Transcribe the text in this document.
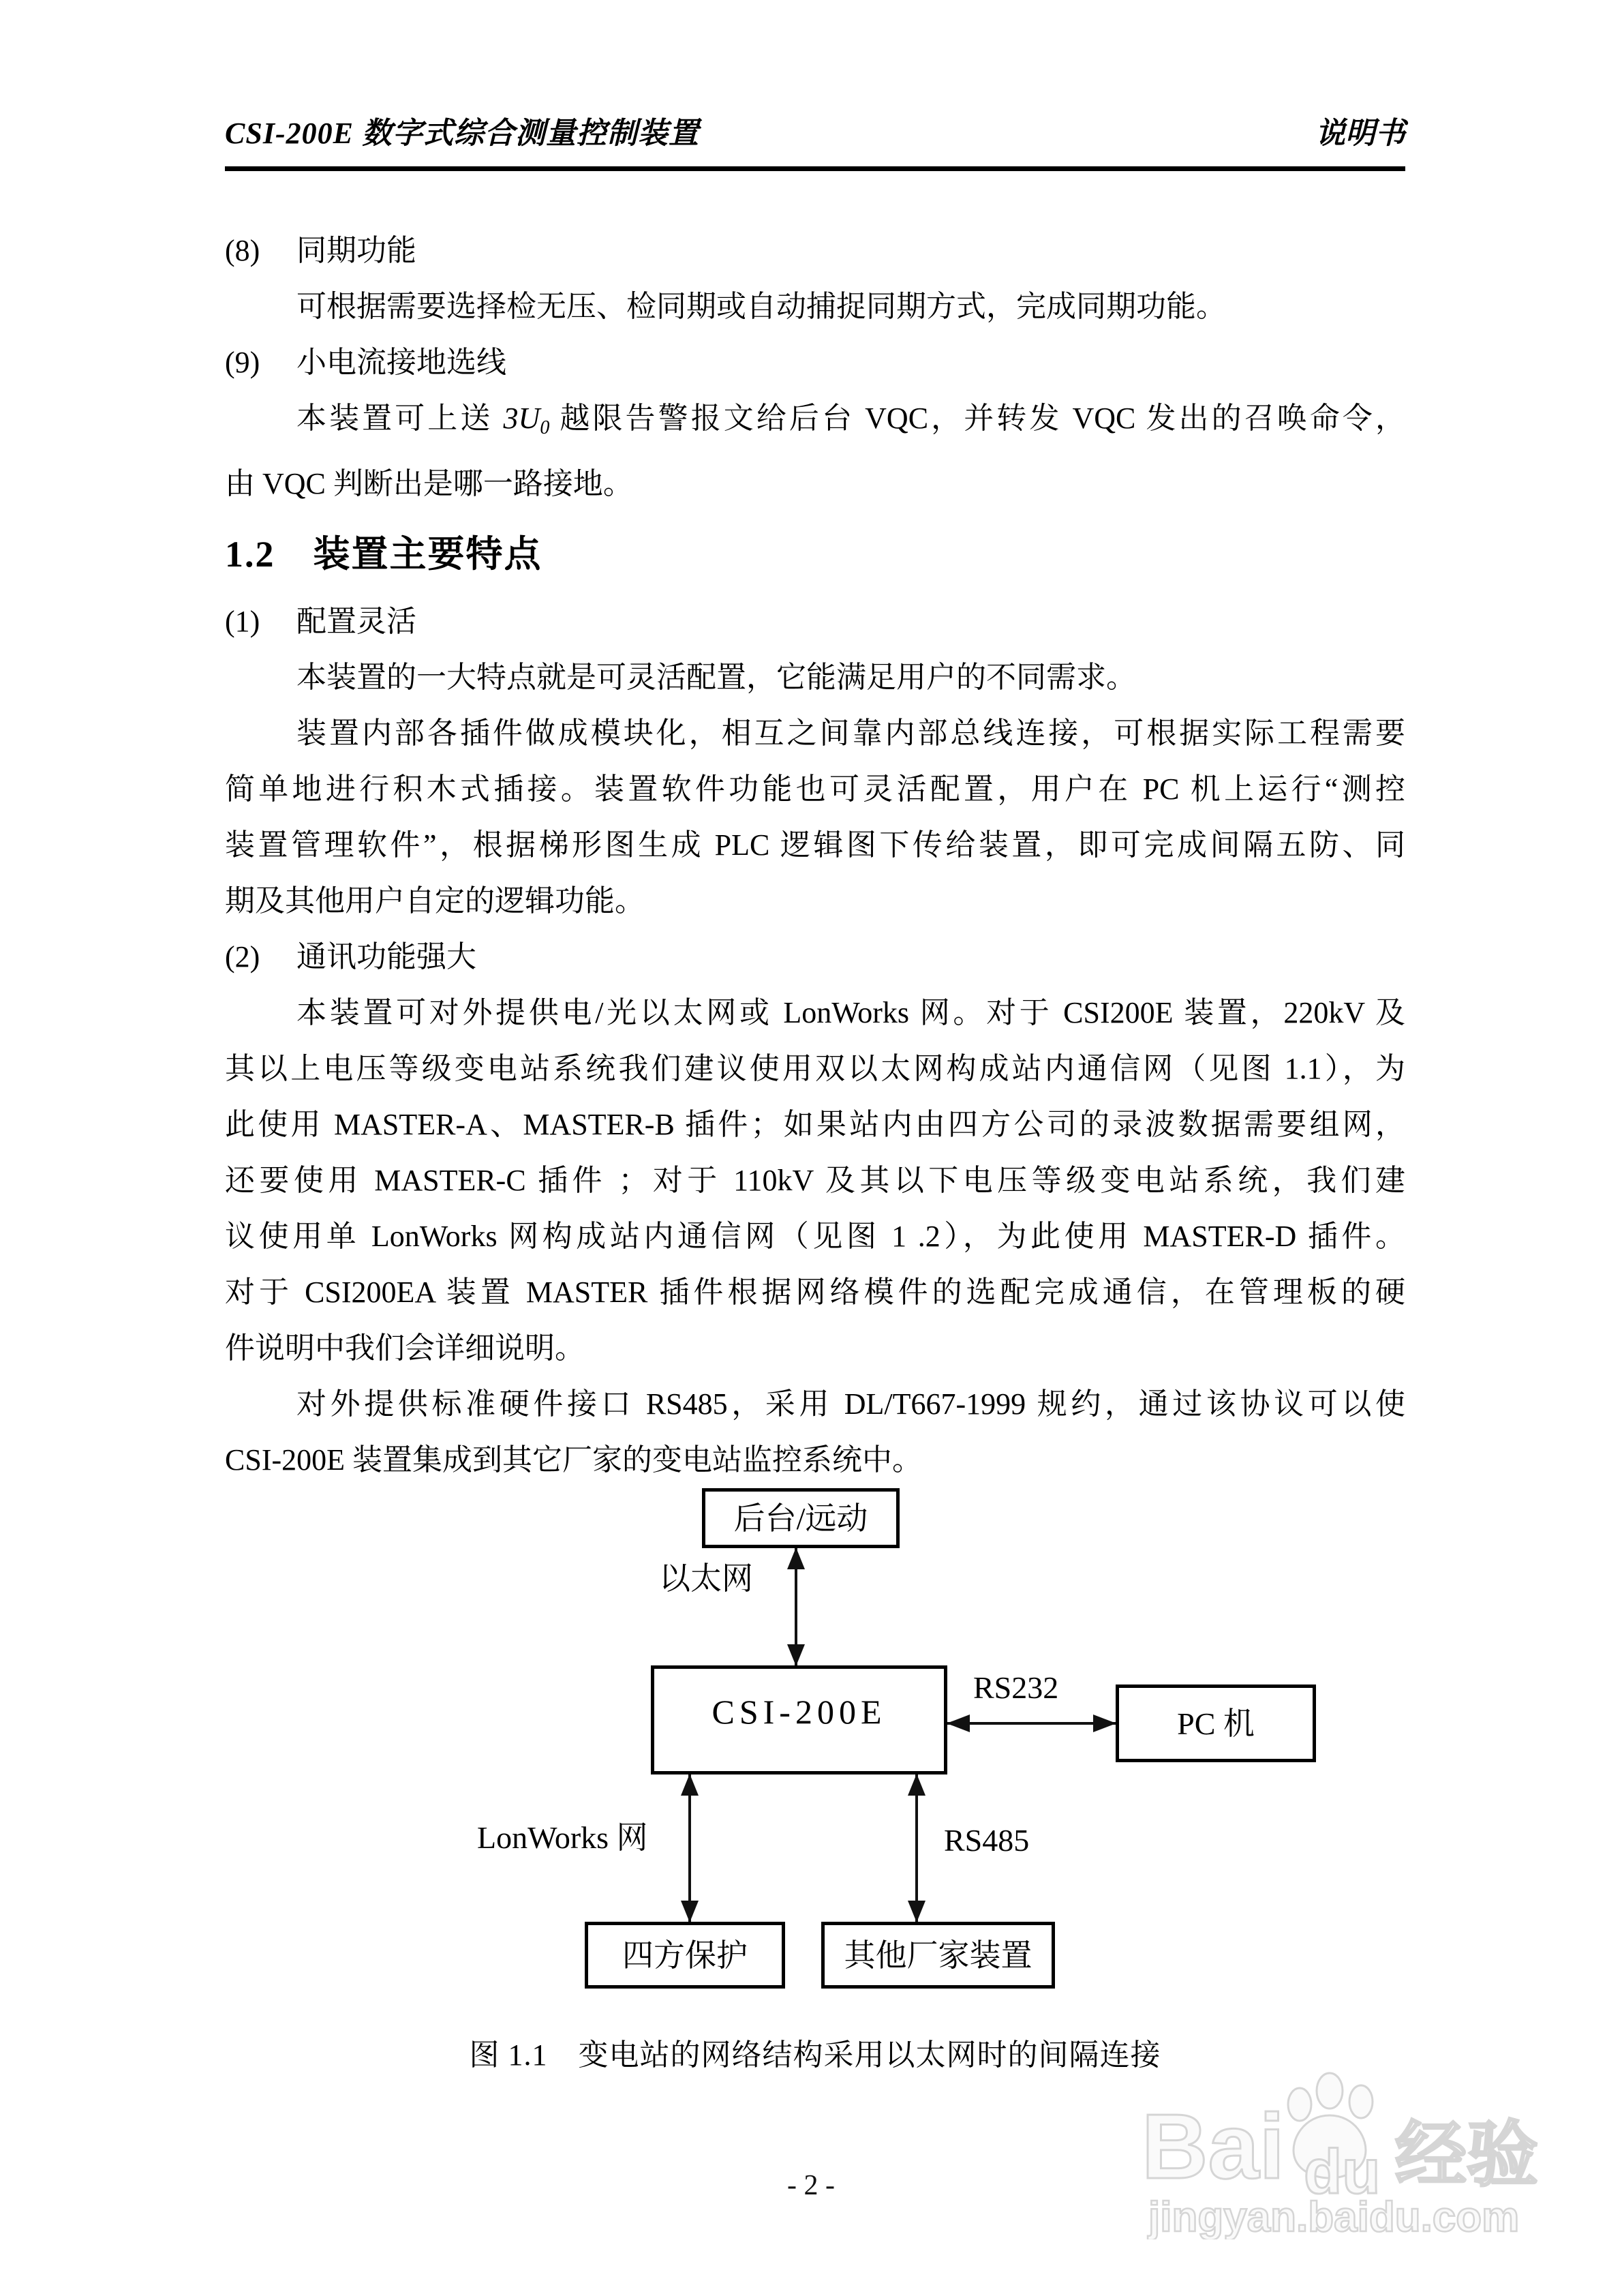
CSI-200E 数字式综合测量控制装置	说明书
(8) 同期功能
可根据需要选择检无压、检同期或自动捕捉同期方式，完成同期功能。
(9) 小电流接地选线
本装置可上送 3U0 越限告警报文给后台 VQC，并转发 VQC 发出的召唤命令，
由 VQC 判断出是哪一路接地。
1.2　装置主要特点
(1) 配置灵活
本装置的一大特点就是可灵活配置，它能满足用户的不同需求。
装置内部各插件做成模块化，相互之间靠内部总线连接，可根据实际工程需要
简单地进行积木式插接。装置软件功能也可灵活配置，用户在 PC 机上运行“测控
装置管理软件”，根据梯形图生成 PLC 逻辑图下传给装置，即可完成间隔五防、同
期及其他用户自定的逻辑功能。
(2) 通讯功能强大
本装置可对外提供电/光以太网或 LonWorks 网。对于 CSI200E 装置，220kV 及
其以上电压等级变电站系统我们建议使用双以太网构成站内通信网（见图 1.1），为
此使用 MASTER-A、MASTER-B 插件；如果站内由四方公司的录波数据需要组网，
还要使用 MASTER-C 插件 ；对于 110kV 及其以下电压等级变电站系统，我们建
议使用单 LonWorks 网构成站内通信网（见图 1 .2），为此使用 MASTER-D 插件。
对于 CSI200EA 装置 MASTER 插件根据网络模件的选配完成通信，在管理板的硬
件说明中我们会详细说明。
对外提供标准硬件接口 RS485，采用 DL/T667-1999 规约，通过该协议可以使
CSI-200E 装置集成到其它厂家的变电站监控系统中。
后台/远动
以太网
CSI-200E
RS232
PC 机
LonWorks 网	RS485
四方保护	其他厂家装置
图 1.1　变电站的网络结构采用以太网时的间隔连接
Bai du 经验
jingyan.baidu.com
- 2 -
